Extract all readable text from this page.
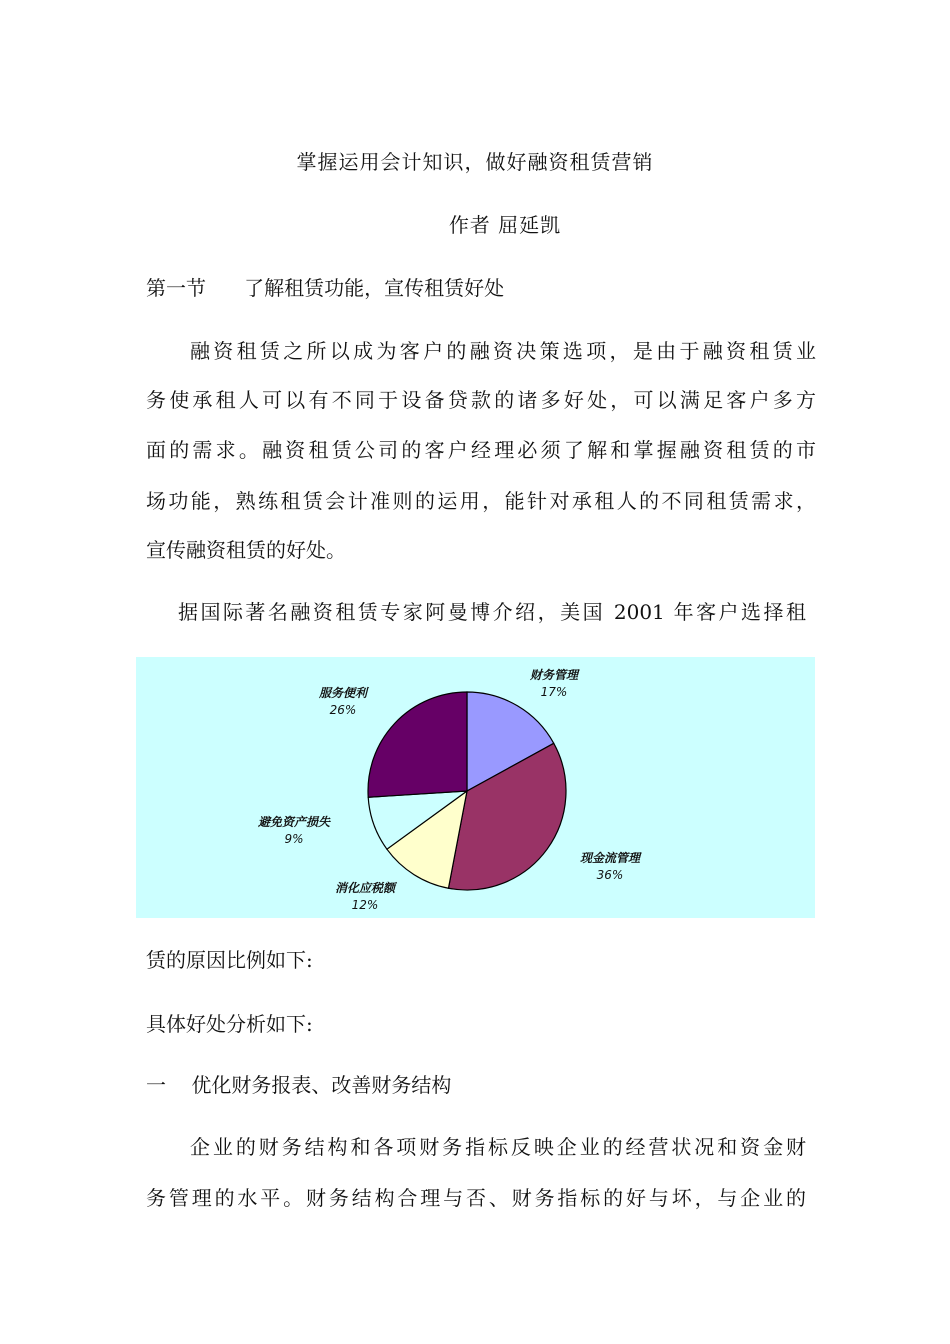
掌握运用会计知识，做好融资租赁营销
作者 屈延凯
第一节      了解租赁功能，宣传租赁好处
融资租赁之所以成为客户的融资决策选项，是由于融资租赁业
务使承租人可以有不同于设备贷款的诸多好处，可以满足客户多方
面的需求。融资租赁公司的客户经理必须了解和掌握融资租赁的市
场功能，熟练租赁会计准则的运用，能针对承租人的不同租赁需求，
宣传融资租赁的好处。
据国际著名融资租赁专家阿曼博介绍，美国 2001 年客户选择租
财务管理
17%
现金流管理
36%
消化应税额
12%
避免资产损失
9%
服务便利
26%
赁的原因比例如下:
具体好处分析如下:
一    优化财务报表、改善财务结构
企业的财务结构和各项财务指标反映企业的经营状况和资金财
务管理的水平。财务结构合理与否、财务指标的好与坏，与企业的
